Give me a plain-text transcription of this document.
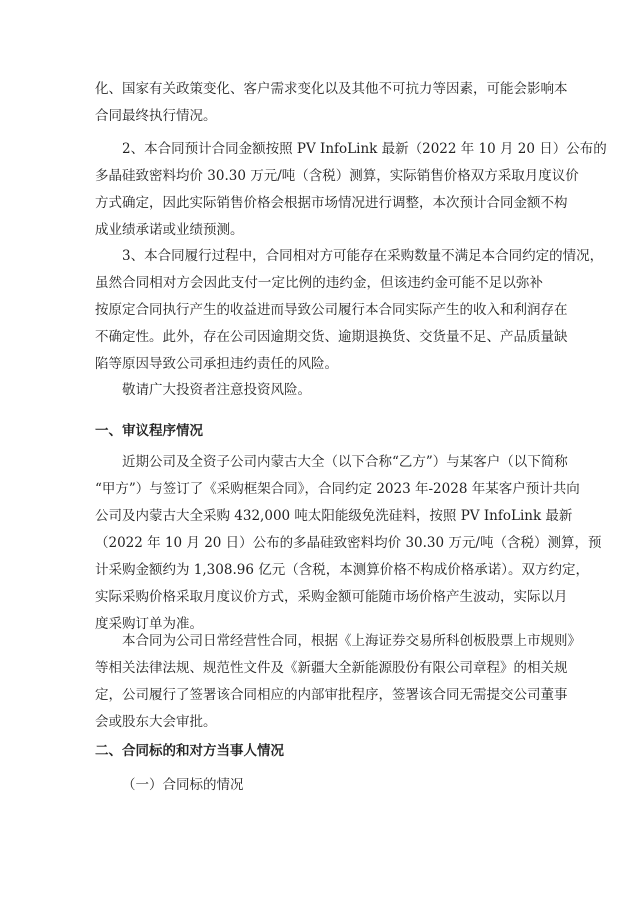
化、国家有关政策变化、客户需求变化以及其他不可抗力等因素，可能会影响本
合同最终执行情况。
2、本合同预计合同金额按照 PV InfoLink 最新（2022 年 10 月 20 日）公布的
多晶硅致密料均价 30.30 万元/吨（含税）测算，实际销售价格双方采取月度议价
方式确定，因此实际销售价格会根据市场情况进行调整，本次预计合同金额不构
成业绩承诺或业绩预测。
3、本合同履行过程中，合同相对方可能存在采购数量不满足本合同约定的情况，
虽然合同相对方会因此支付一定比例的违约金，但该违约金可能不足以弥补
按原定合同执行产生的收益进而导致公司履行本合同实际产生的收入和利润存在
不确定性。此外，存在公司因逾期交货、逾期退换货、交货量不足、产品质量缺
陷等原因导致公司承担违约责任的风险。
敬请广大投资者注意投资风险。
一、审议程序情况
近期公司及全资子公司内蒙古大全（以下合称“乙方”）与某客户（以下简称
“甲方”）与签订了《采购框架合同》，合同约定 2023 年-2028 年某客户预计共向
公司及内蒙古大全采购 432,000 吨太阳能级免洗硅料，按照 PV InfoLink 最新
（2022 年 10 月 20 日）公布的多晶硅致密料均价 30.30 万元/吨（含税）测算，预
计采购金额约为 1,308.96 亿元（含税，本测算价格不构成价格承诺）。双方约定，
实际采购价格采取月度议价方式，采购金额可能随市场价格产生波动，实际以月
度采购订单为准。
本合同为公司日常经营性合同，根据《上海证券交易所科创板股票上市规则》
等相关法律法规、规范性文件及《新疆大全新能源股份有限公司章程》的相关规
定，公司履行了签署该合同相应的内部审批程序，签署该合同无需提交公司董事
会或股东大会审批。
二、合同标的和对方当事人情况
（一）合同标的情况
